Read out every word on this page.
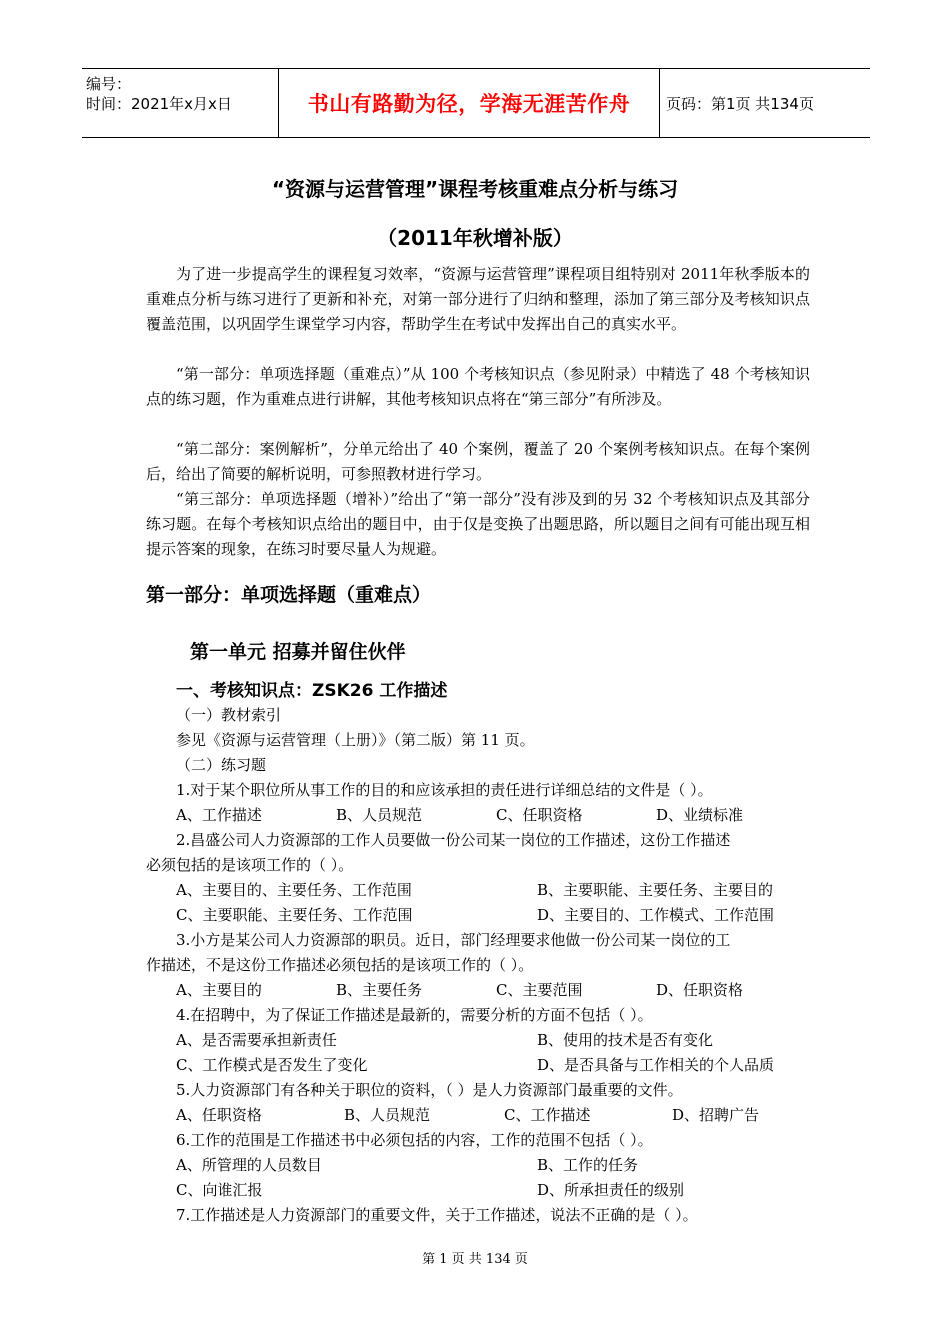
编号：
时间：2021年x月x日	书山有路勤为径，学海无涯苦作舟	页码：第1页 共134页
“资源与运营管理”课程考核重难点分析与练习
（2011年秋增补版）
为了进一步提高学生的课程复习效率，“资源与运营管理”课程项目组特别对 2011年秋季版本的重难点分析与练习进行了更新和补充，对第一部分进行了归纳和整理，添加了第三部分及考核知识点覆盖范围，以巩固学生课堂学习内容，帮助学生在考试中发挥出自己的真实水平。
“第一部分：单项选择题（重难点）”从 100 个考核知识点（参见附录）中精选了 48 个考核知识点的练习题，作为重难点进行讲解，其他考核知识点将在“第三部分”有所涉及。
“第二部分：案例解析”，分单元给出了 40 个案例，覆盖了 20 个案例考核知识点。在每个案例后，给出了简要的解析说明，可参照教材进行学习。
“第三部分：单项选择题（增补）”给出了“第一部分”没有涉及到的另 32 个考核知识点及其部分练习题。在每个考核知识点给出的题目中，由于仅是变换了出题思路，所以题目之间有可能出现互相提示答案的现象，在练习时要尽量人为规避。
第一部分：单项选择题（重难点）
第一单元 招募并留住伙伴
一、考核知识点：ZSK26 工作描述
（一）教材索引
参见《资源与运营管理（上册）》（第二版）第 11 页。
（二）练习题
1.对于某个职位所从事工作的目的和应该承担的责任进行详细总结的文件是（ ）。
A、工作描述	B、人员规范	C、任职资格	D、业绩标准
2.昌盛公司人力资源部的工作人员要做一份公司某一岗位的工作描述，这份工作描述
必须包括的是该项工作的（ ）。
A、主要目的、主要任务、工作范围	B、主要职能、主要任务、主要目的
C、主要职能、主要任务、工作范围	D、主要目的、工作模式、工作范围
3.小方是某公司人力资源部的职员。近日，部门经理要求他做一份公司某一岗位的工
作描述，不是这份工作描述必须包括的是该项工作的（ ）。
A、主要目的	B、主要任务	C、主要范围	D、任职资格
4.在招聘中，为了保证工作描述是最新的，需要分析的方面不包括（ ）。
A、是否需要承担新责任	B、使用的技术是否有变化
C、工作模式是否发生了变化	D、是否具备与工作相关的个人品质
5.人力资源部门有各种关于职位的资料，（ ）是人力资源部门最重要的文件。
A、任职资格	B、人员规范	C、工作描述	D、招聘广告
6.工作的范围是工作描述书中必须包括的内容，工作的范围不包括（ ）。
A、所管理的人员数目	B、工作的任务
C、向谁汇报	D、所承担责任的级别
7.工作描述是人力资源部门的重要文件，关于工作描述，说法不正确的是（ ）。
第 1 页 共 134 页
